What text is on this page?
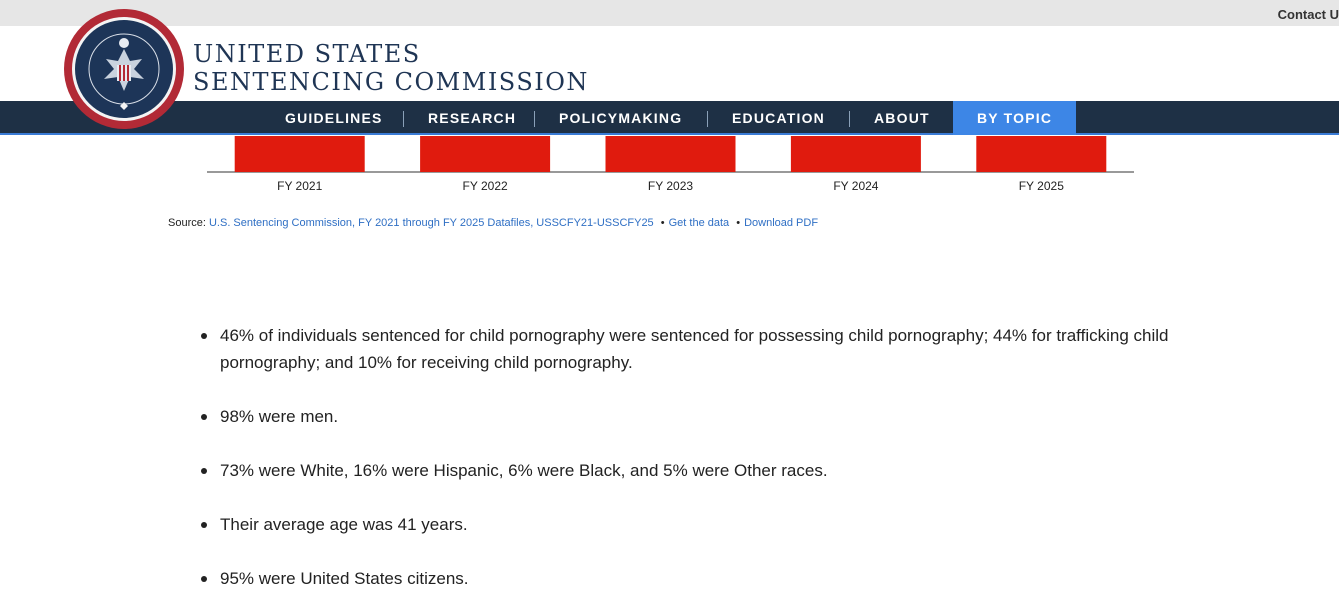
Contact U
UNITED STATES
SENTENCING COMMISSION
GUIDELINES	RESEARCH	POLICYMAKING	EDUCATION	ABOUT	BY TOPIC
FY 2021	FY 2022	FY 2023	FY 2024	FY 2025
Source: U.S. Sentencing Commission, FY 2021 through FY 2025 Datafiles, USSCFY21-USSCFY25 • Get the data • Download PDF
46% of individuals sentenced for child pornography were sentenced for possessing child pornography; 44% for trafficking child pornography; and 10% for receiving child pornography.
98% were men.
73% were White, 16% were Hispanic, 6% were Black, and 5% were Other races.
Their average age was 41 years.
95% were United States citizens.
